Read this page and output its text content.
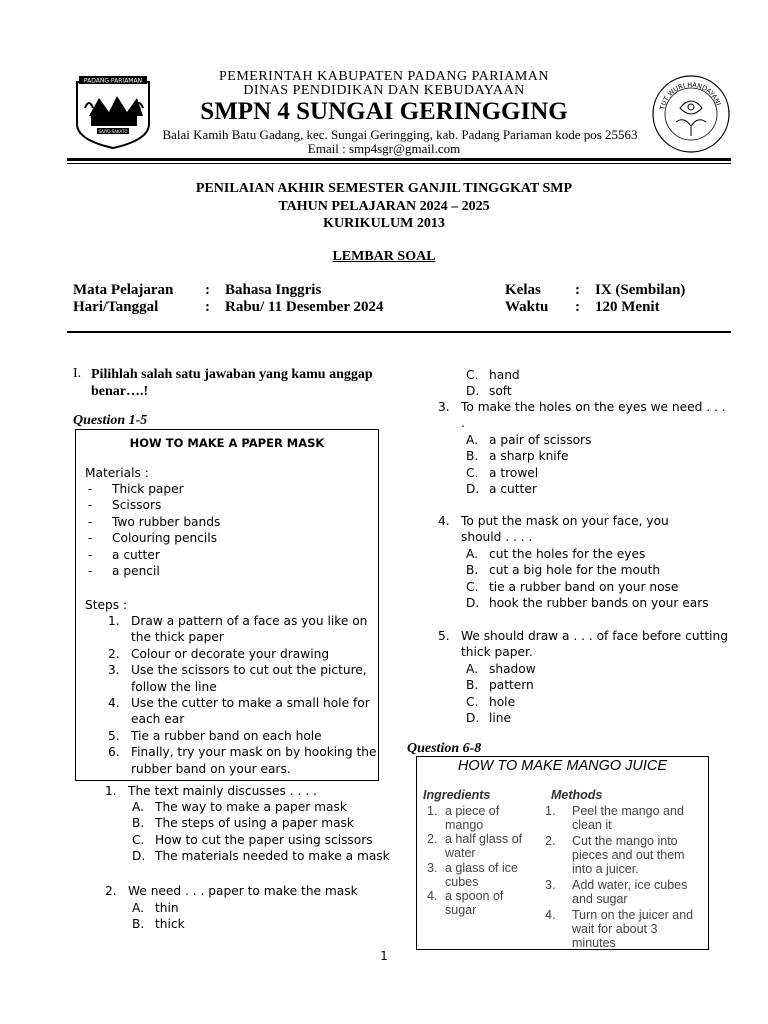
PADANG PARIAMAN
SAIYO SAKATO
TUT WURI HANDAYANI
PEMERINTAH KABUPATEN PADANG PARIAMAN
DINAS PENDIDIKAN DAN KEBUDAYAAN
SMPN 4 SUNGAI GERINGGING
Balai Kamih Batu Gadang, kec. Sungai Geringging, kab. Padang Pariaman kode pos 25563
Email : smp4sgr@gmail.com
PENILAIAN AKHIR SEMESTER GANJIL TINGGKAT SMP
TAHUN PELAJARAN 2024 – 2025
KURIKULUM 2013
LEMBAR SOAL
Mata Pelajaran : Bahasa Inggris
Hari/Tanggal	: Rabu/ 11 Desember 2024
Kelas : IX (Sembilan)
Waktu : 120 Menit
I. Pilihlah salah satu jawaban yang kamu anggap benar….!
Question 1-5
HOW TO MAKE A PAPER MASK
Materials :
Steps :
- Thick paper
- Scissors
- Two rubber bands
- Colouring pencils
- a cutter
- a pencil
1. Draw a pattern of a face as you like on
the thick paper
2. Colour or decorate your drawing
3. Use the scissors to cut out the picture,
follow the line
4. Use the cutter to make a small hole for
each ear
5. Tie a rubber band on each hole
6. Finally, try your mask on by hooking the
rubber band on your ears.
1. The text mainly discusses . . . .
A. The way to make a paper mask
B. The steps of using a paper mask
C. How to cut the paper using scissors
D. The materials needed to make a mask
2. We need . . . paper to make the mask
A. thin
B. thick
C. hand
D. soft
3. To make the holes on the eyes we need . . .
.
A. a pair of scissors
B. a sharp knife
C. a trowel
D. a cutter
4. To put the mask on your face, you
should . . . .
A. cut the holes for the eyes
B. cut a big hole for the mouth
C. tie a rubber band on your nose
D. hook the rubber bands on your ears
5. We should draw a . . . of face before cutting
thick paper.
A. shadow
B. pattern
C. hole
D. line
Question 6-8
HOW TO MAKE MANGO JUICE
Ingredients	Methods
1. a piece of
mango
2. a half glass of
water
3. a glass of ice
cubes
4. a spoon of
sugar
1. Peel the mango and
clean it
2. Cut the mango into
pieces and out them
into a juicer.
3. Add water, ice cubes
and sugar
4. Turn on the juicer and
wait for about 3
minutes
1
